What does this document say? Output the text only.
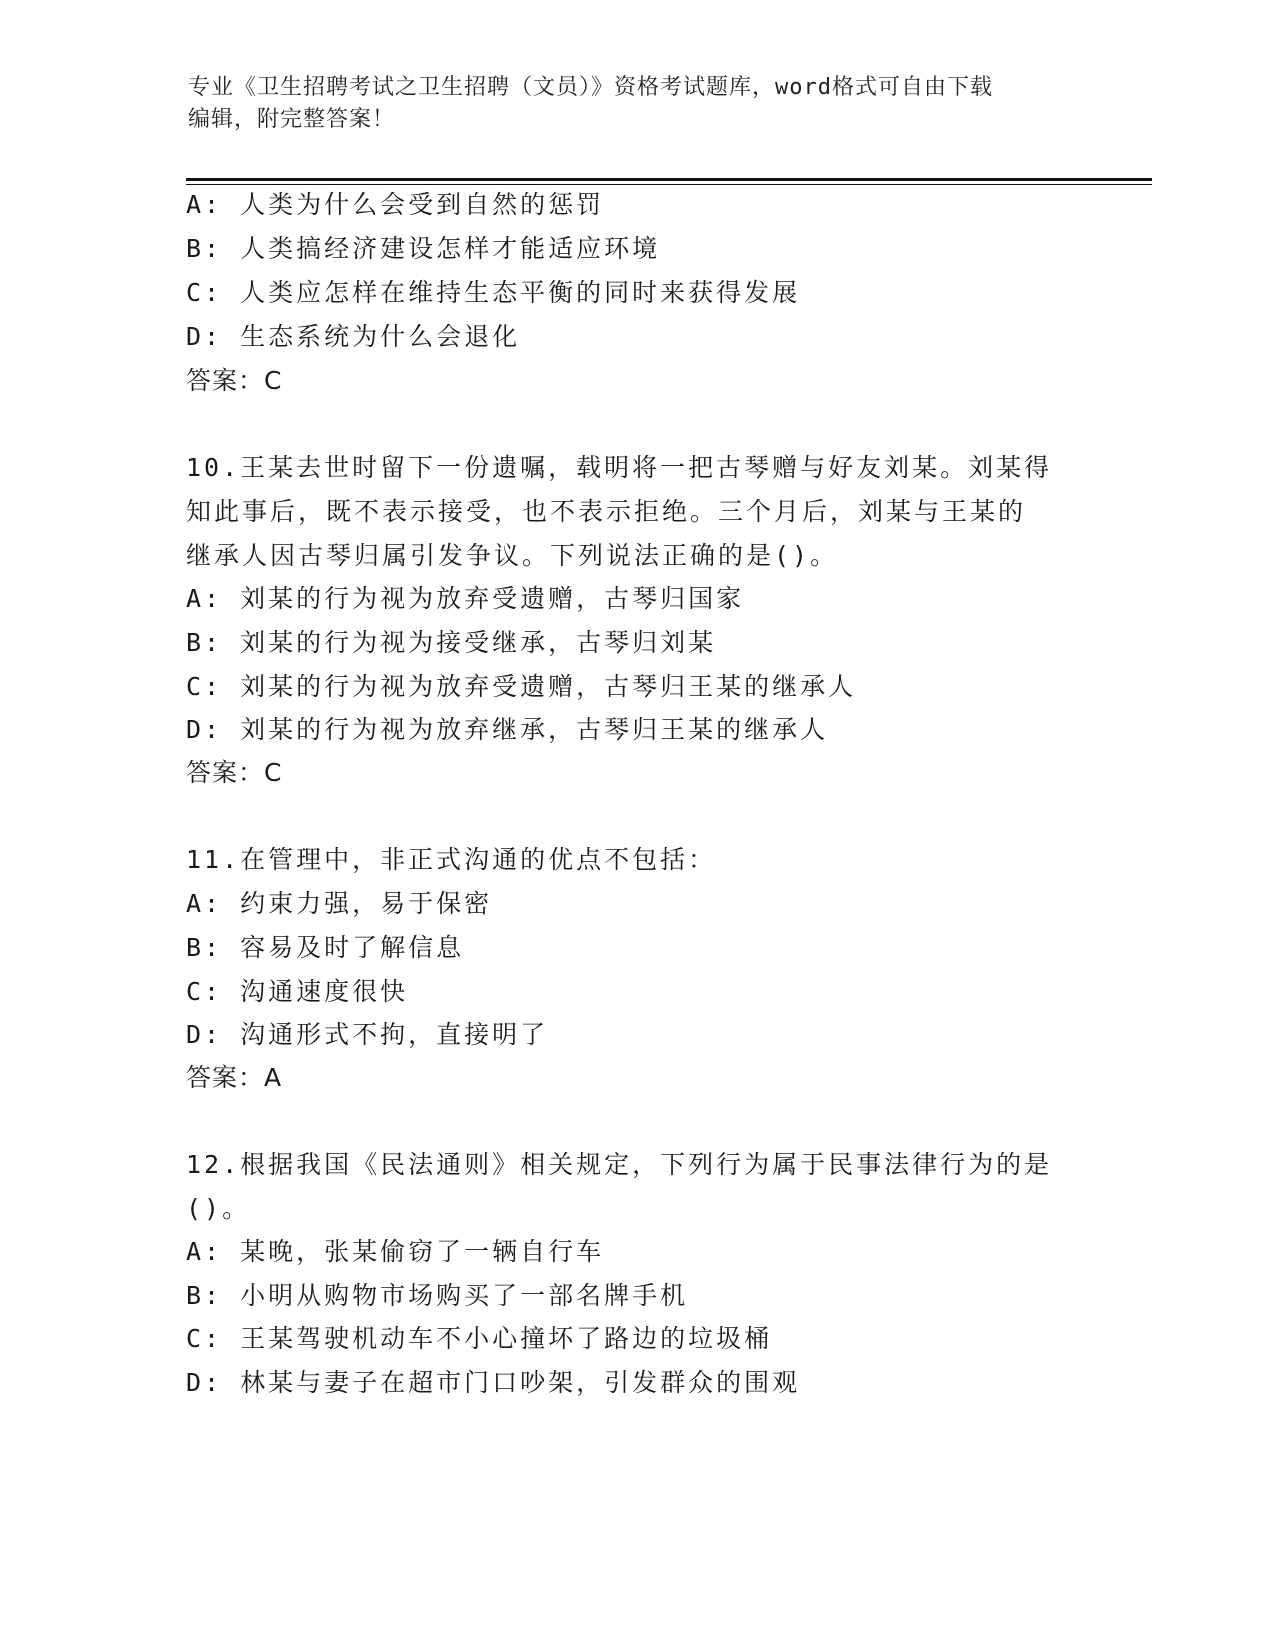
专业《卫生招聘考试之卫生招聘（文员）》资格考试题库，word格式可自由下载
编辑，附完整答案！
A: 人类为什么会受到自然的惩罚
B: 人类搞经济建设怎样才能适应环境
C: 人类应怎样在维持生态平衡的同时来获得发展
D: 生态系统为什么会退化
答案：C
10.王某去世时留下一份遗嘱，载明将一把古琴赠与好友刘某。刘某得
知此事后，既不表示接受，也不表示拒绝。三个月后，刘某与王某的
继承人因古琴归属引发争议。下列说法正确的是()。
A: 刘某的行为视为放弃受遗赠，古琴归国家
B: 刘某的行为视为接受继承，古琴归刘某
C: 刘某的行为视为放弃受遗赠，古琴归王某的继承人
D: 刘某的行为视为放弃继承，古琴归王某的继承人
答案：C
11.在管理中，非正式沟通的优点不包括：
A: 约束力强，易于保密
B: 容易及时了解信息
C: 沟通速度很快
D: 沟通形式不拘，直接明了
答案：A
12.根据我国《民法通则》相关规定，下列行为属于民事法律行为的是
()。
A: 某晚，张某偷窃了一辆自行车
B: 小明从购物市场购买了一部名牌手机
C: 王某驾驶机动车不小心撞坏了路边的垃圾桶
D: 林某与妻子在超市门口吵架，引发群众的围观
